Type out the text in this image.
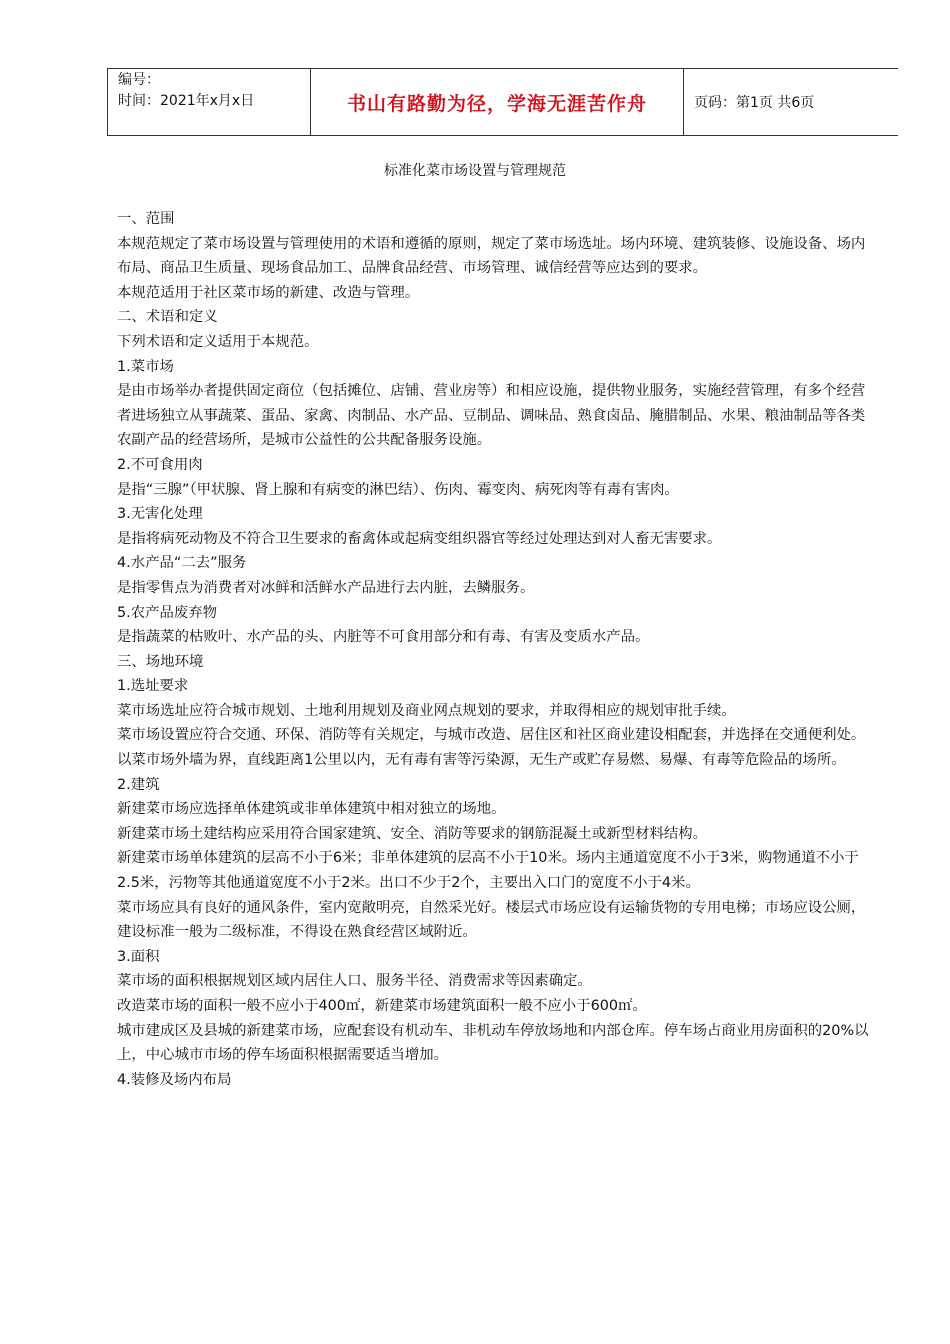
编号：
时间：2021年x月x日	书山有路勤为径，学海无涯苦作舟	页码：第1页 共6页
标准化菜市场设置与管理规范

一、范围

本规范规定了菜市场设置与管理使用的术语和遵循的原则，规定了菜市场选址。场内环境、建筑装修、设施设备、场内布局、商品卫生质量、现场食品加工、品牌食品经营、市场管理、诚信经营等应达到的要求。

本规范适用于社区菜市场的新建、改造与管理。

二、术语和定义

下列术语和定义适用于本规范。

1.菜市场

是由市场举办者提供固定商位（包括摊位、店铺、营业房等）和相应设施，提供物业服务，实施经营管理，有多个经营者进场独立从事蔬菜、蛋品、家禽、肉制品、水产品、豆制品、调味品、熟食卤品、腌腊制品、水果、粮油制品等各类农副产品的经营场所，是城市公益性的公共配备服务设施。

2.不可食用肉

是指“三腺”（甲状腺、肾上腺和有病变的淋巴结）、伤肉、霉变肉、病死肉等有毒有害肉。

3.无害化处理

是指将病死动物及不符合卫生要求的畜禽体或起病变组织器官等经过处理达到对人畜无害要求。

4.水产品“二去”服务

是指零售点为消费者对冰鲜和活鲜水产品进行去内脏，去鳞服务。

5.农产品废弃物

是指蔬菜的枯败叶、水产品的头、内脏等不可食用部分和有毒、有害及变质水产品。

三、场地环境

1.选址要求

菜市场选址应符合城市规划、土地利用规划及商业网点规划的要求，并取得相应的规划审批手续。

菜市场设置应符合交通、环保、消防等有关规定，与城市改造、居住区和社区商业建设相配套，并选择在交通便利处。

以菜市场外墙为界，直线距离1公里以内，无有毒有害等污染源，无生产或贮存易燃、易爆、有毒等危险品的场所。

2.建筑

新建菜市场应选择单体建筑或非单体建筑中相对独立的场地。

新建菜市场土建结构应采用符合国家建筑、安全、消防等要求的钢筋混凝土或新型材料结构。

新建菜市场单体建筑的层高不小于6米；非单体建筑的层高不小于10米。场内主通道宽度不小于3米，购物通道不小于2.5米，污物等其他通道宽度不小于2米。出口不少于2个，主要出入口门的宽度不小于4米。

菜市场应具有良好的通风条件，室内宽敞明亮，自然采光好。楼层式市场应设有运输货物的专用电梯；市场应设公厕，建设标准一般为二级标准，不得设在熟食经营区域附近。

3.面积

菜市场的面积根据规划区域内居住人口、服务半径、消费需求等因素确定。

改造菜市场的面积一般不应小于400㎡，新建菜市场建筑面积一般不应小于600㎡。

城市建成区及县城的新建菜市场，应配套设有机动车、非机动车停放场地和内部仓库。停车场占商业用房面积的20%以上，中心城市市场的停车场面积根据需要适当增加。

4.装修及场内布局
